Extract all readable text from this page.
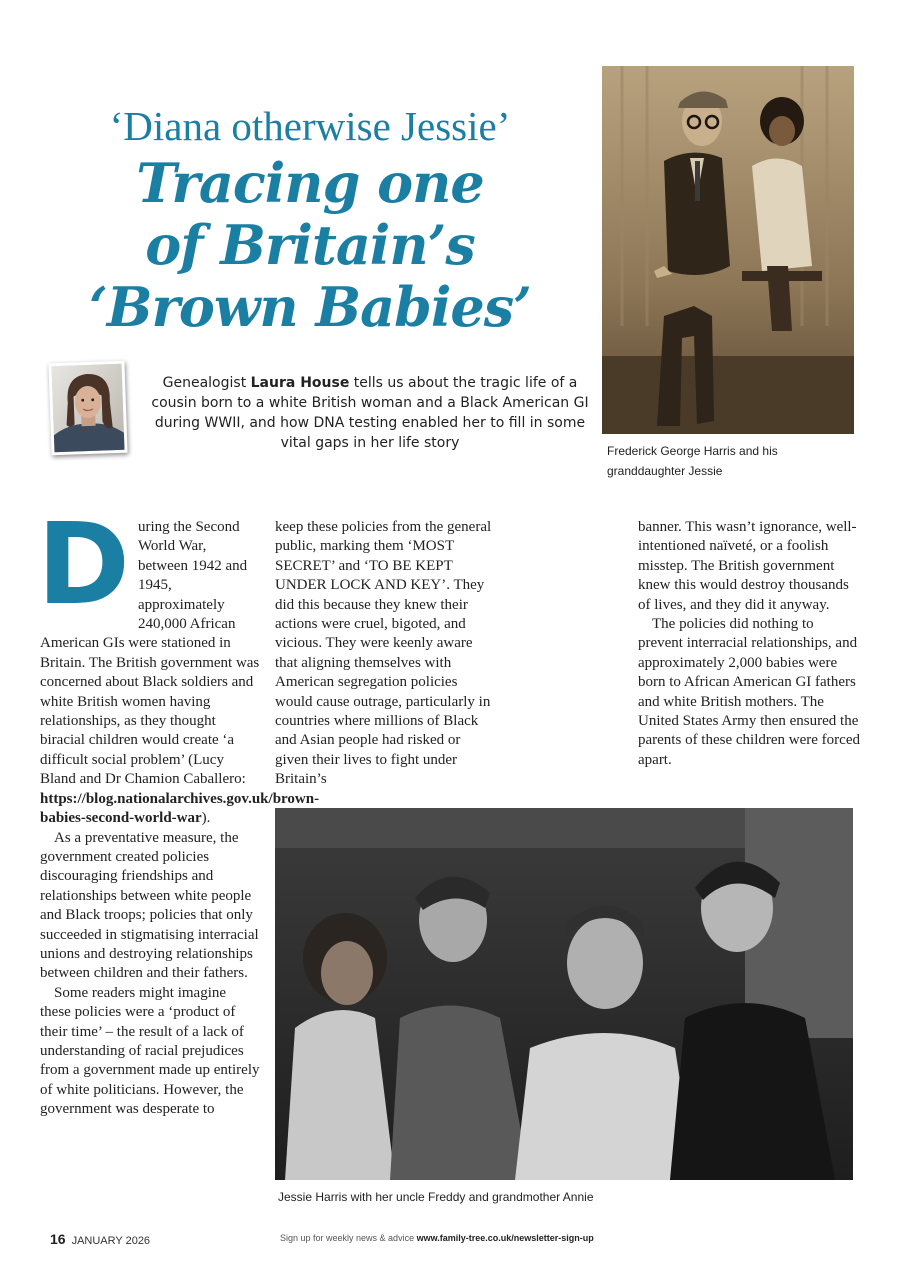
‘Diana otherwise Jessie’
Tracing one
of Britain’s
‘Brown Babies’
Genealogist Laura House tells us about the tragic life of a cousin born to a white British woman and a Black American GI during WWII, and how DNA testing enabled her to fill in some vital gaps in her life story	Frederick George Harris and his granddaughter Jessie

During the Second World War, between 1942 and 1945, approximately 240,000 African American GIs were stationed in Britain. The British government was concerned about Black soldiers and white British women having relationships, as they thought biracial children would create ‘a difficult social problem’ (Lucy Bland and Dr Chamion Caballero: https://blog.nationalarchives.gov.uk/brown-babies-second-world-war).

As a preventative measure, the government created policies discouraging friendships and relationships between white people and Black troops; policies that only succeeded in stigmatising interracial unions and destroying relationships between children and their fathers.

Some readers might imagine these policies were a ‘product of their time’ – the result of a lack of understanding of racial prejudices from a government made up entirely of white politicians. However, the government was desperate to

keep these policies from the general public, marking them ‘MOST SECRET’ and ‘TO BE KEPT UNDER LOCK AND KEY’. They did this because they knew their actions were cruel, bigoted, and vicious. They were keenly aware that aligning themselves with American segregation policies would cause outrage, particularly in countries where millions of Black and Asian people had risked or given their lives to fight under Britain’s

banner. This wasn’t ignorance, well-intentioned naïveté, or a foolish misstep. The British government knew this would destroy thousands of lives, and they did it anyway.

The policies did nothing to prevent interracial relationships, and approximately 2,000 babies were born to African American GI fathers and white British mothers. The United States Army then ensured the parents of these children were forced apart.

Jessie Harris with her uncle Freddy and grandmother Annie
16 JANUARY 2026	Sign up for weekly news & advice www.family-tree.co.uk/newsletter-sign-up
